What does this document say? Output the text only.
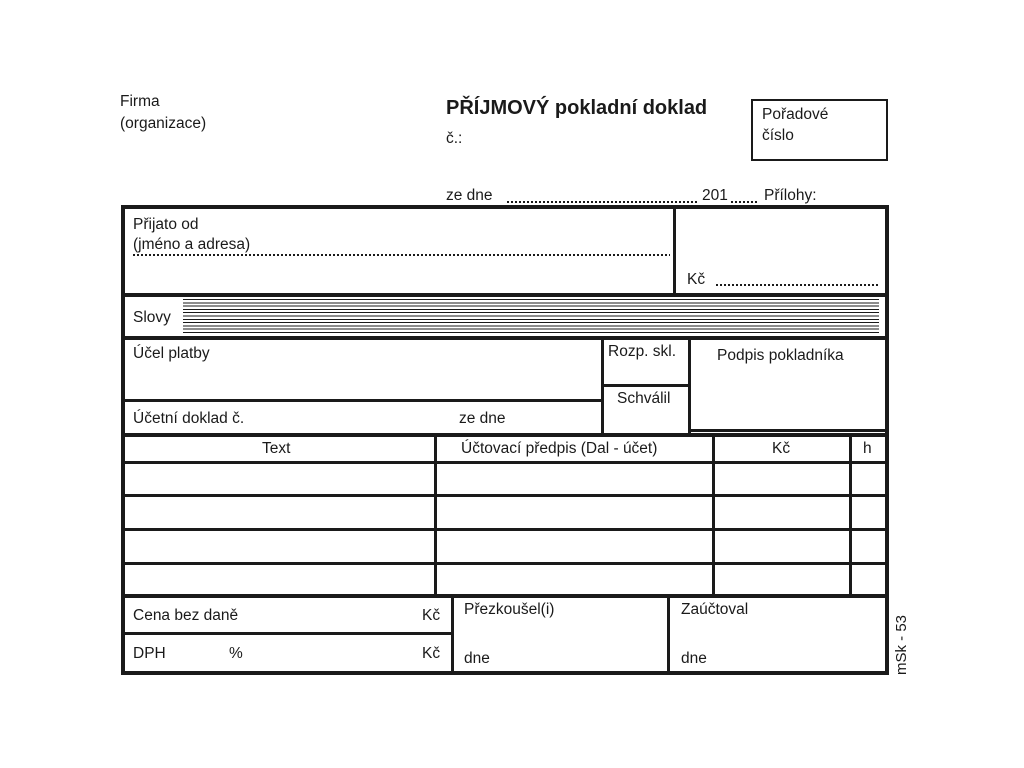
Firma
(organizace)
PŘÍJMOVÝ pokladní doklad
č.:
Pořadové
číslo
ze dne	201 Přílohy:
Přijato od
(jméno a adresa)
Kč
Slovy
Účel platby
Účetní doklad č.	ze dne
Rozp. skl.
Schválil
Podpis pokladníka
Text	Účtovací předpis (Dal - účet)	Kč	h
Cena bez daně	Kč
DPH	%	Kč
Přezkoušel(i)
dne
Zaúčtoval
dne	mSk - 53
